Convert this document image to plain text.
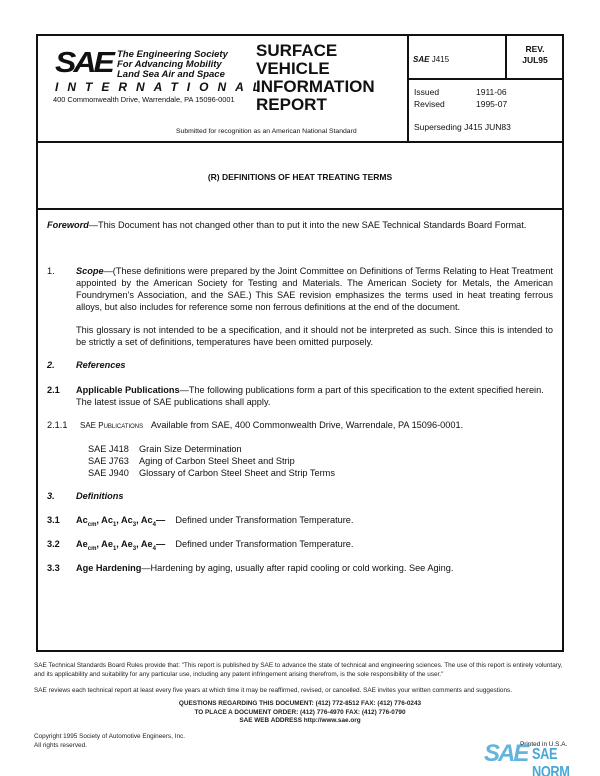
SAE The Engineering Society
For Advancing Mobility
Land Sea Air and Space
INTERNATIONAL
400 Commonwealth Drive, Warrendale, PA 15096-0001
SURFACE
VEHICLE
INFORMATION
REPORT
Submitted for recognition as an American National Standard
SAE J415
REV.
JUL95
Issued	1911-06
Revised	1995-07
Superseding J415 JUN83
(R) DEFINITIONS OF HEAT TREATING TERMS
Foreword—This Document has not changed other than to put it into the new SAE Technical Standards Board Format.
1. Scope—(These definitions were prepared by the Joint Committee on Definitions of Terms Relating to Heat Treatment appointed by the American Society for Testing and Materials. The American Society for Metals, the American Foundrymen's Association, and the SAE.) This SAE revision emphasizes the terms used in heat treating ferrous alloys, but also includes for reference some non ferrous definitions at the end of the document.
This glossary is not intended to be a specification, and it should not be interpreted as such. Since this is intended to be strictly a set of definitions, temperatures have been omitted purposely.
2. References
2.1 Applicable Publications—The following publications form a part of this specification to the extent specified herein. The latest issue of SAE publications shall apply.
2.1.1 SAE Publications Available from SAE, 400 Commonwealth Drive, Warrendale, PA 15096-0001.
SAE J418 Grain Size Determination
SAE J763 Aging of Carbon Steel Sheet and Strip
SAE J940 Glossary of Carbon Steel Sheet and Strip Terms
3. Definitions
3.1 $Ac_{cm}$, $Ac_1$, $Ac_3$, $Ac_4—$ Defined under Transformation Temperature.
3.2 $Ae_{cm}$, $Ae_1$, $Ae_3$, $Ae_4—$ Defined under Transformation Temperature.
3.3 Age Hardening—Hardening by aging, usually after rapid cooling or cold working. See Aging.
SAE Technical Standards Board Rules provide that: "This report is published by SAE to advance the state of technical and engineering sciences. The use of this report is entirely voluntary, and its applicability and suitability for any particular use, including any patent infringement arising therefrom, is the sole responsibility of the user."
SAE reviews each technical report at least every five years at which time it may be reaffirmed, revised, or cancelled. SAE invites your written comments and suggestions.
QUESTIONS REGARDING THIS DOCUMENT: (412) 772-8512 FAX: (412) 776-0243
TO PLACE A DOCUMENT ORDER: (412) 776-4970 FAX: (412) 776-0790
SAE WEB ADDRESS http://www.sae.org
Copyright 1995 Society of Automotive Engineers, Inc.
All rights reserved.	Printed in U.S.A.
SAE SAE NORM
